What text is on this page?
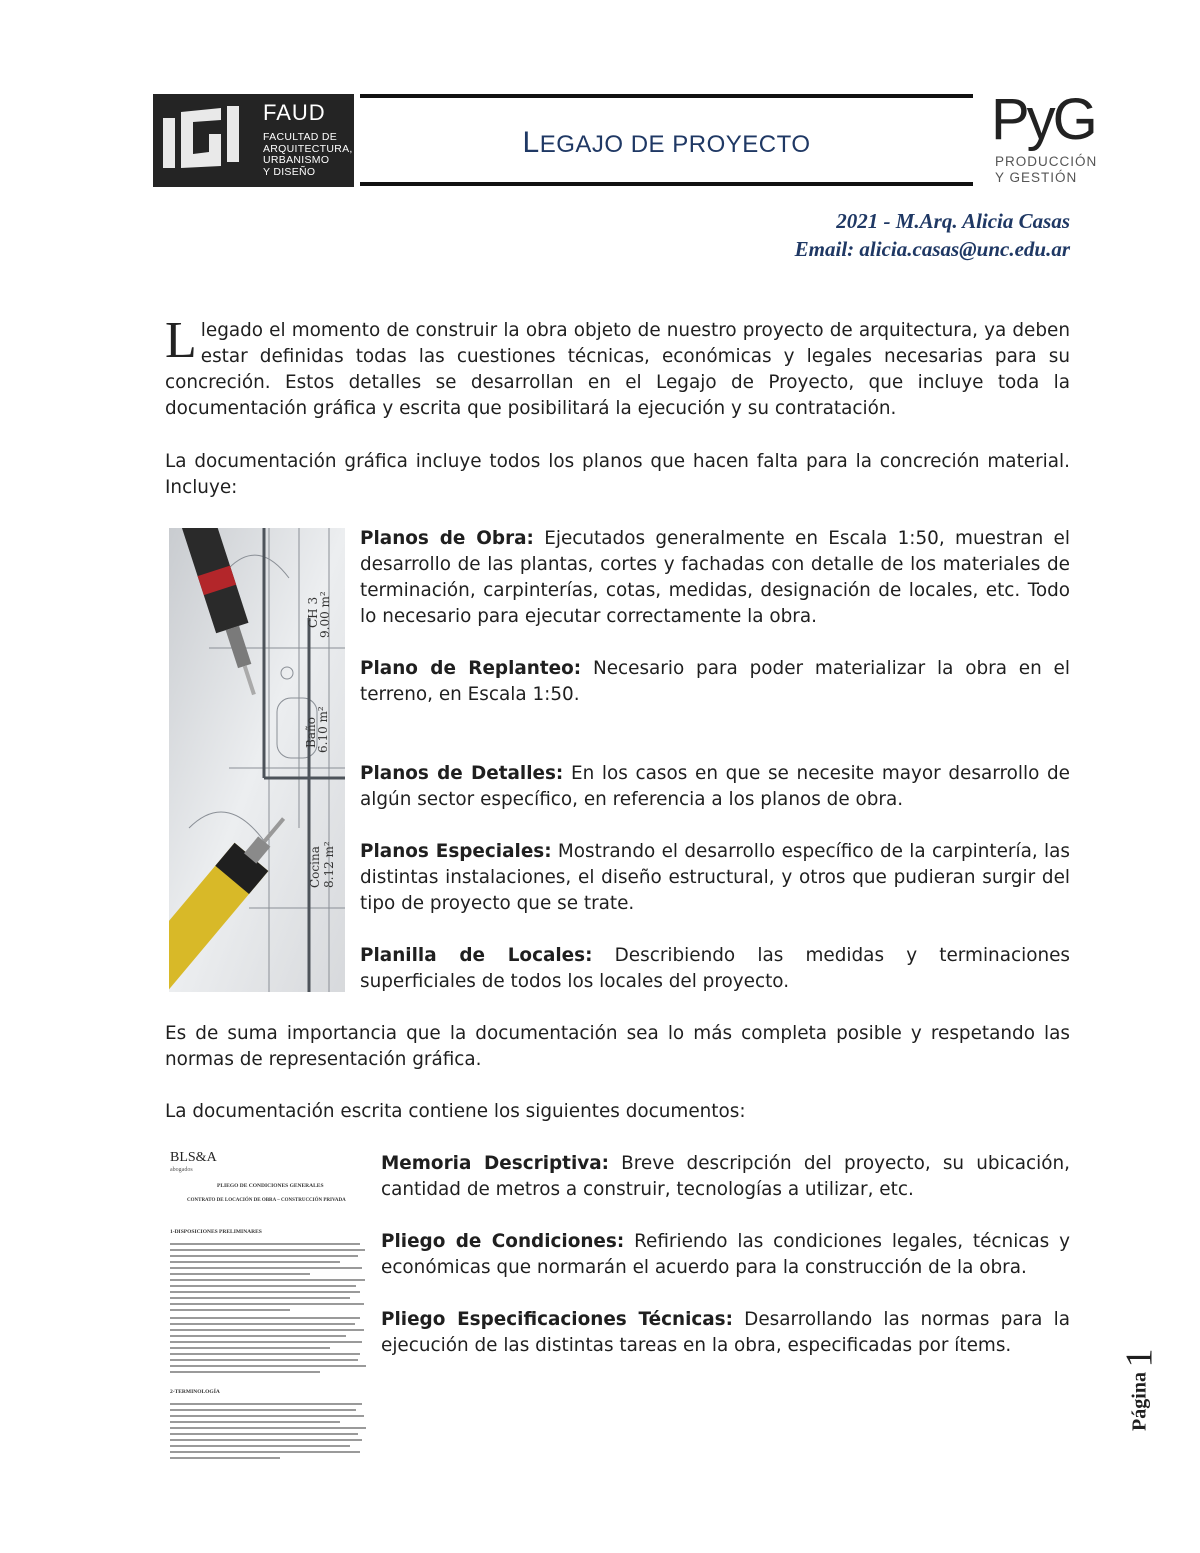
FAUD
FACULTAD DE
ARQUITECTURA,
URBANISMO
Y DISEÑO
LEGAJO DE PROYECTO	PyG
PRODUCCIÓN
Y GESTIÓN
2021 - M.Arq. Alicia Casas
Email: alicia.casas@unc.edu.ar
Llegado el momento de construir la obra objeto de nuestro proyecto de arquitectura, ya deben estar definidas todas las cuestiones técnicas, económicas y legales necesarias para su concreción. Estos detalles se desarrollan en el Legajo de Proyecto, que incluye toda la documentación gráfica y escrita que posibilitará la ejecución y su contratación.
La documentación gráfica incluye todos los planos que hacen falta para la concreción material. Incluye:
CH 3
9.00 m²
Baño
6.10 m²
Cocina 8.12 m²
Planos de Obra: Ejecutados generalmente en Escala 1:50, muestran el desarrollo de las plantas, cortes y fachadas con detalle de los materiales de terminación, carpinterías, cotas, medidas, designación de locales, etc. Todo lo necesario para ejecutar correctamente la obra.
Plano de Replanteo: Necesario para poder materializar la obra en el terreno, en Escala 1:50.
Planos de Detalles: En los casos en que se necesite mayor desarrollo de algún sector específico, en referencia a los planos de obra.
Planos Especiales: Mostrando el desarrollo específico de la carpintería, las distintas instalaciones, el diseño estructural, y otros que pudieran surgir del tipo de proyecto que se trate.
Planilla de Locales: Describiendo las medidas y terminaciones superficiales de todos los locales del proyecto.
Es de suma importancia que la documentación sea lo más completa posible y respetando las normas de representación gráfica.
La documentación escrita contiene los siguientes documentos:
BLS&A
abogados
PLIEGO DE CONDICIONES GENERALES
CONTRATO DE LOCACIÓN DE OBRA – CONSTRUCCIÓN PRIVADA
1-DISPOSICIONES PRELIMINARES
2-TERMINOLOGÍA
Memoria Descriptiva: Breve descripción del proyecto, su ubicación, cantidad de metros a construir, tecnologías a utilizar, etc.
Pliego de Condiciones: Refiriendo las condiciones legales, técnicas y económicas que normarán el acuerdo para la construcción de la obra.
Pliego Especificaciones Técnicas: Desarrollando las normas para la ejecución de las distintas tareas en la obra, especificadas por ítems.
1
Página
